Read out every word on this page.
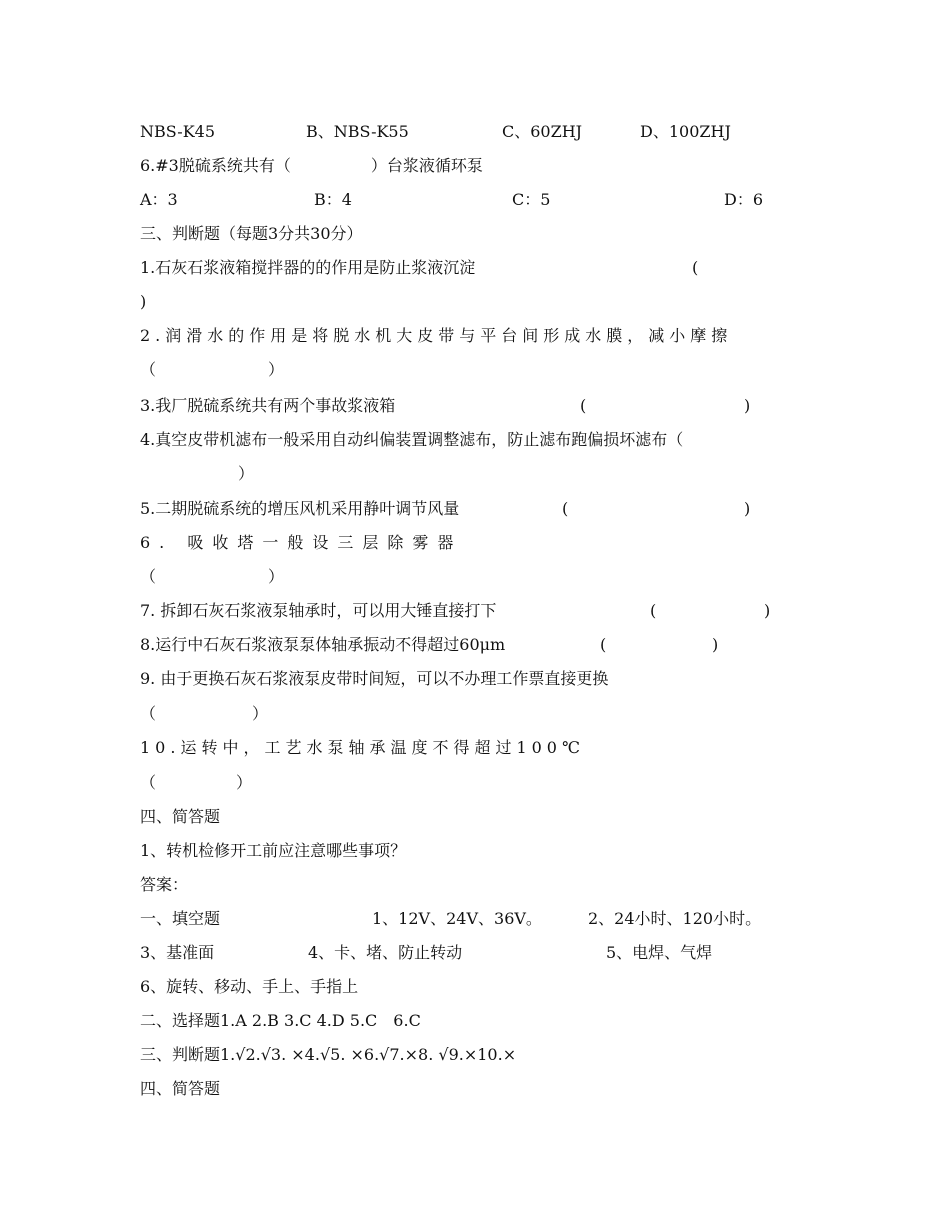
NBS-K45	B、NBS-K55	C、60ZHJ	D、100ZHJ
6.#3脱硫系统共有（　　　　　）台浆液循环泵
A：3	B：4	C：5	D：6
三、判断题（每题3分共30分）
1.石灰石浆液箱搅拌器的的作用是防止浆液沉淀	(
)
2.润滑水的作用是将脱水机大皮带与平台间形成水膜，减小摩擦
（　　　　　　　）
3.我厂脱硫系统共有两个事故浆液箱	(	)
4.真空皮带机滤布一般采用自动纠偏装置调整滤布，防止滤布跑偏损坏滤布（
）
5.二期脱硫系统的增压风机采用静叶调节风量	(	)
6. 吸收塔一般设三层除雾器
（　　　　　　　）
7. 拆卸石灰石浆液泵轴承时，可以用大锤直接打下	(	)
8.运行中石灰石浆液泵泵体轴承振动不得超过60μm	(	)
9. 由于更换石灰石浆液泵皮带时间短，可以不办理工作票直接更换
（　　　　　　）
10.运转中，工艺水泵轴承温度不得超过100℃
（　　　　　）
四、简答题
1、转机检修开工前应注意哪些事项？
答案：
一、填空题	1、12V、24V、36V。	2、24小时、120小时。
3、基准面	4、卡、堵、防止转动	5、电焊、气焊
6、旋转、移动、手上、手指上
二、选择题1.A 2.B 3.C 4.D 5.C　6.C
三、判断题1.√2.√3. ×4.√5. ×6.√7.×8. √9.×10.×
四、简答题
